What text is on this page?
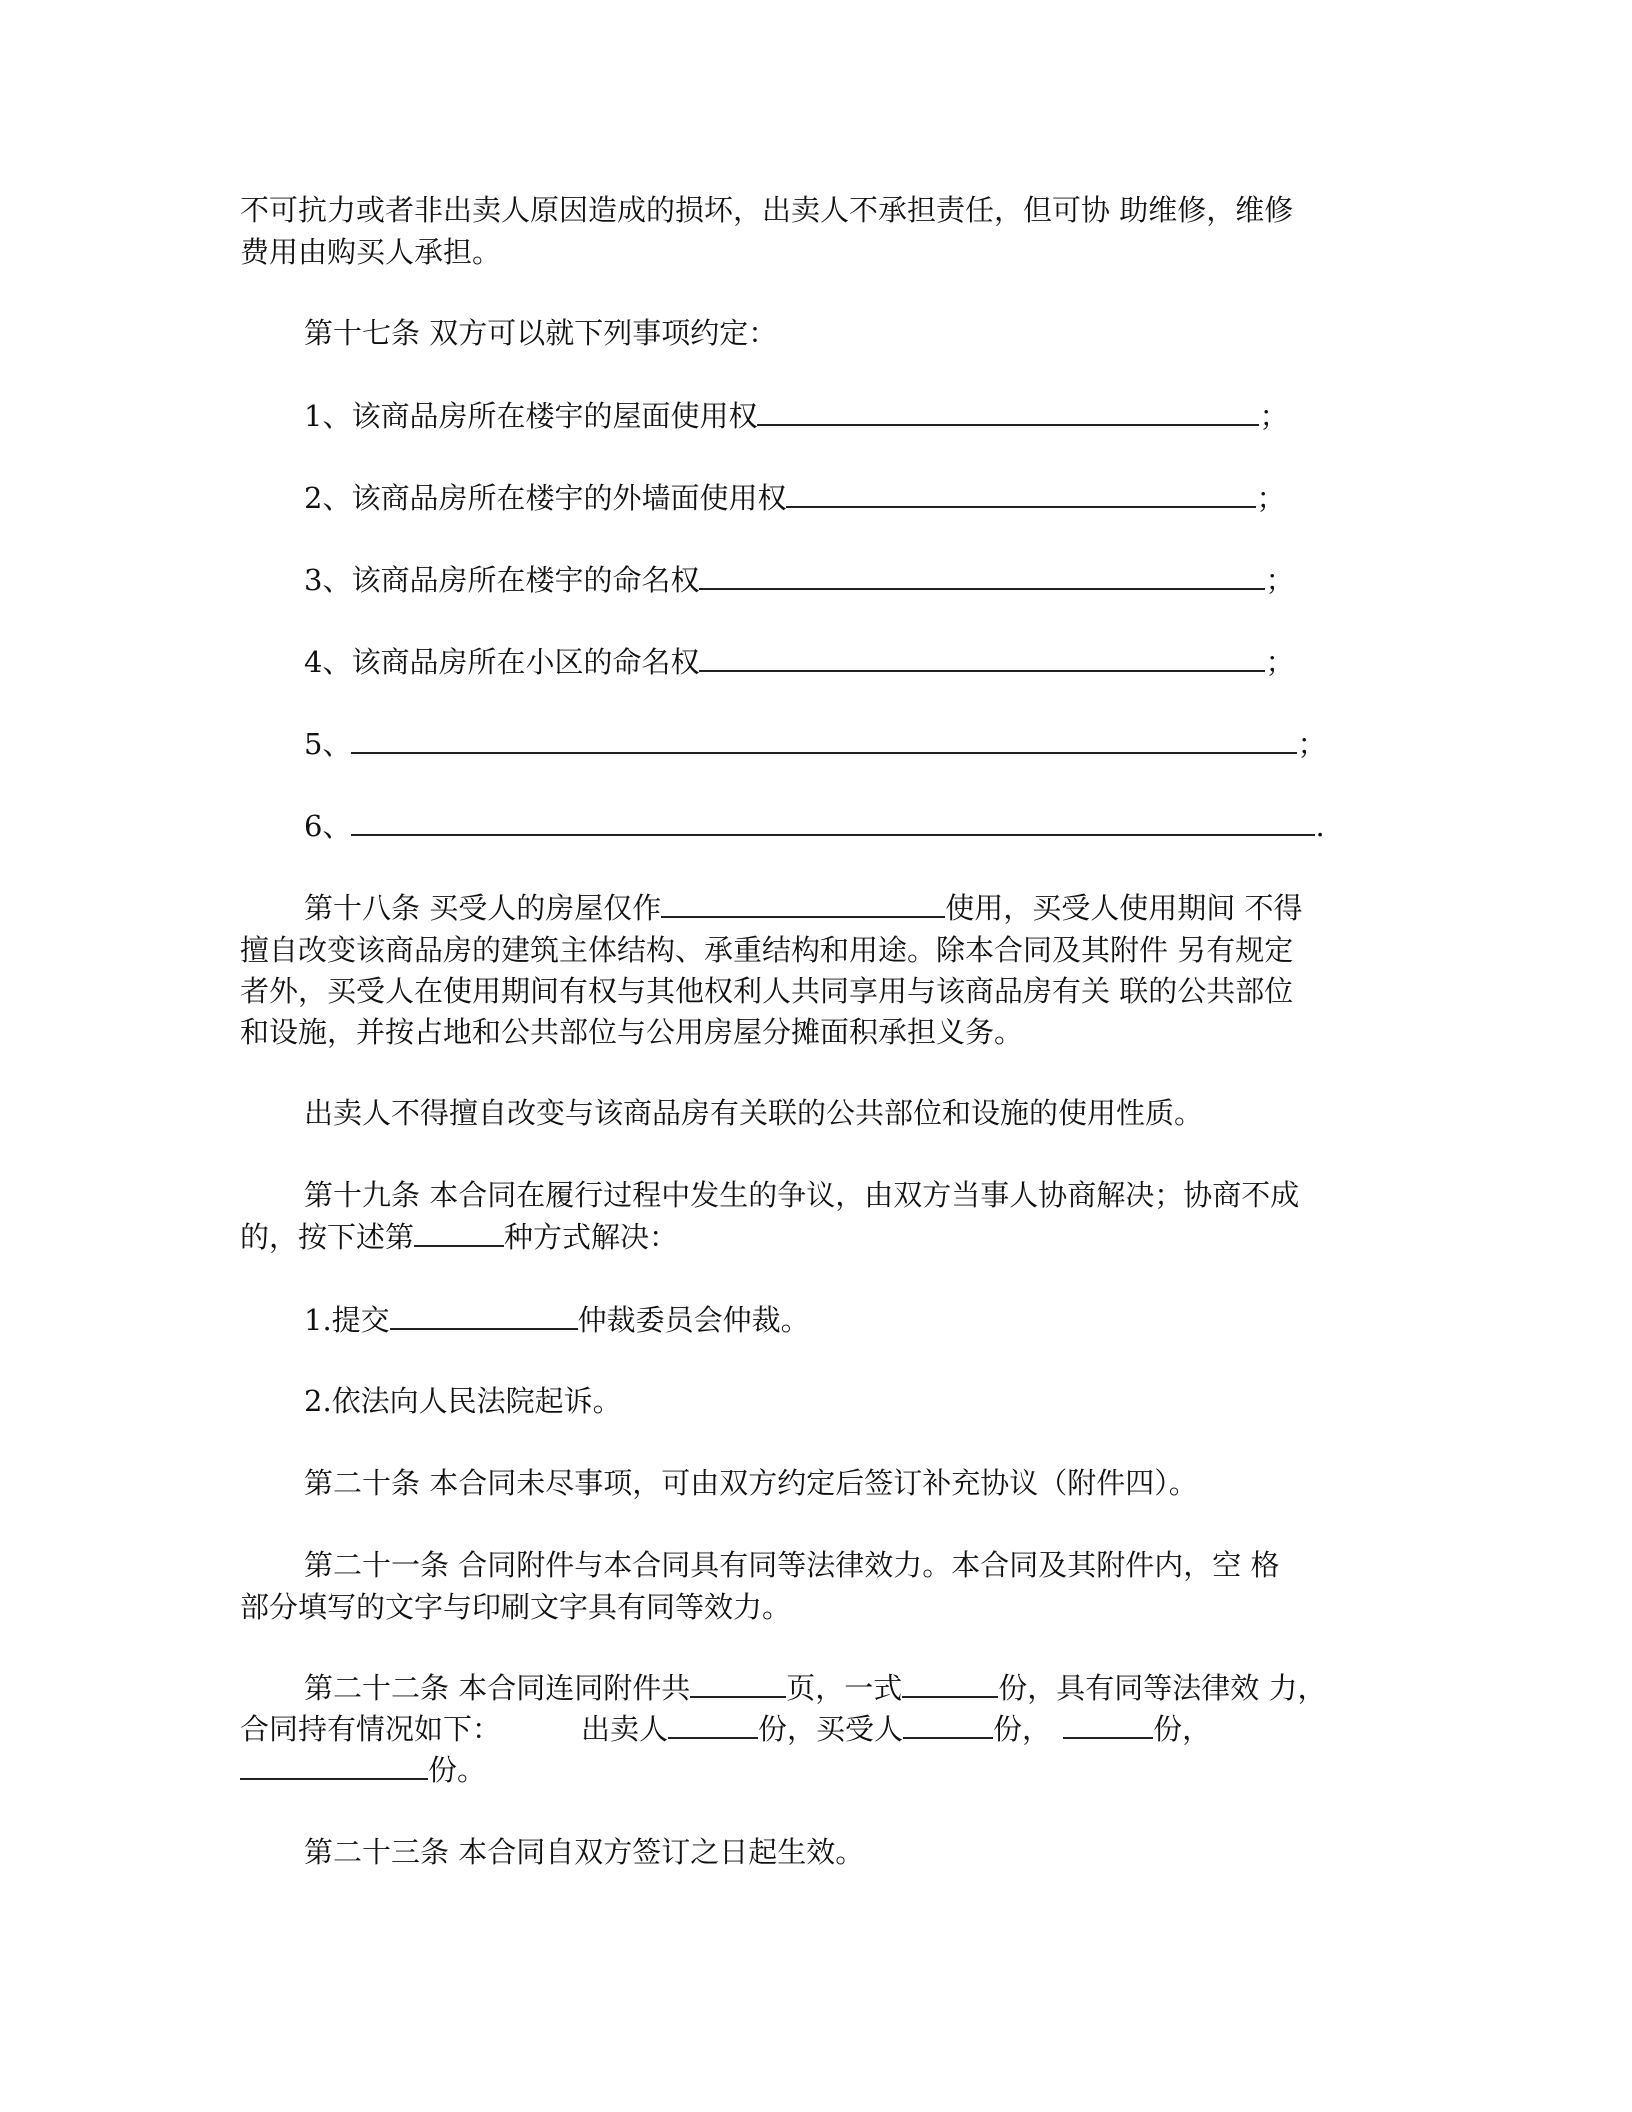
不可抗力或者非出卖人原因造成的损坏，出卖人不承担责任，但可协 助维修，维修
费用由购买人承担。
第十七条 双方可以就下列事项约定：
1、该商品房所在楼宇的屋面使用权	；
2、该商品房所在楼宇的外墙面使用权	；
3、该商品房所在楼宇的命名权	；
4、该商品房所在小区的命名权	；
5、	；
6、	.
第十八条 买受人的房屋仅作	使用，买受人使用期间 不得
擅自改变该商品房的建筑主体结构、承重结构和用途。除本合同及其附件 另有规定
者外，买受人在使用期间有权与其他权利人共同享用与该商品房有关 联的公共部位
和设施，并按占地和公共部位与公用房屋分摊面积承担义务。
出卖人不得擅自改变与该商品房有关联的公共部位和设施的使用性质。
第十九条 本合同在履行过程中发生的争议，由双方当事人协商解决；协商不成
的，按下述第	种方式解决：
1.提交	仲裁委员会仲裁。
2.依法向人民法院起诉。
第二十条 本合同未尽事项，可由双方约定后签订补充协议（附件四）。
第二十一条 合同附件与本合同具有同等法律效力。本合同及其附件内，空 格
部分填写的文字与印刷文字具有同等效力。
第二十二条 本合同连同附件共	页，一式	份，具有同等法律效 力，
合同持有情况如下：	出卖人	份，买受人	份，	份，
份。
第二十三条 本合同自双方签订之日起生效。
